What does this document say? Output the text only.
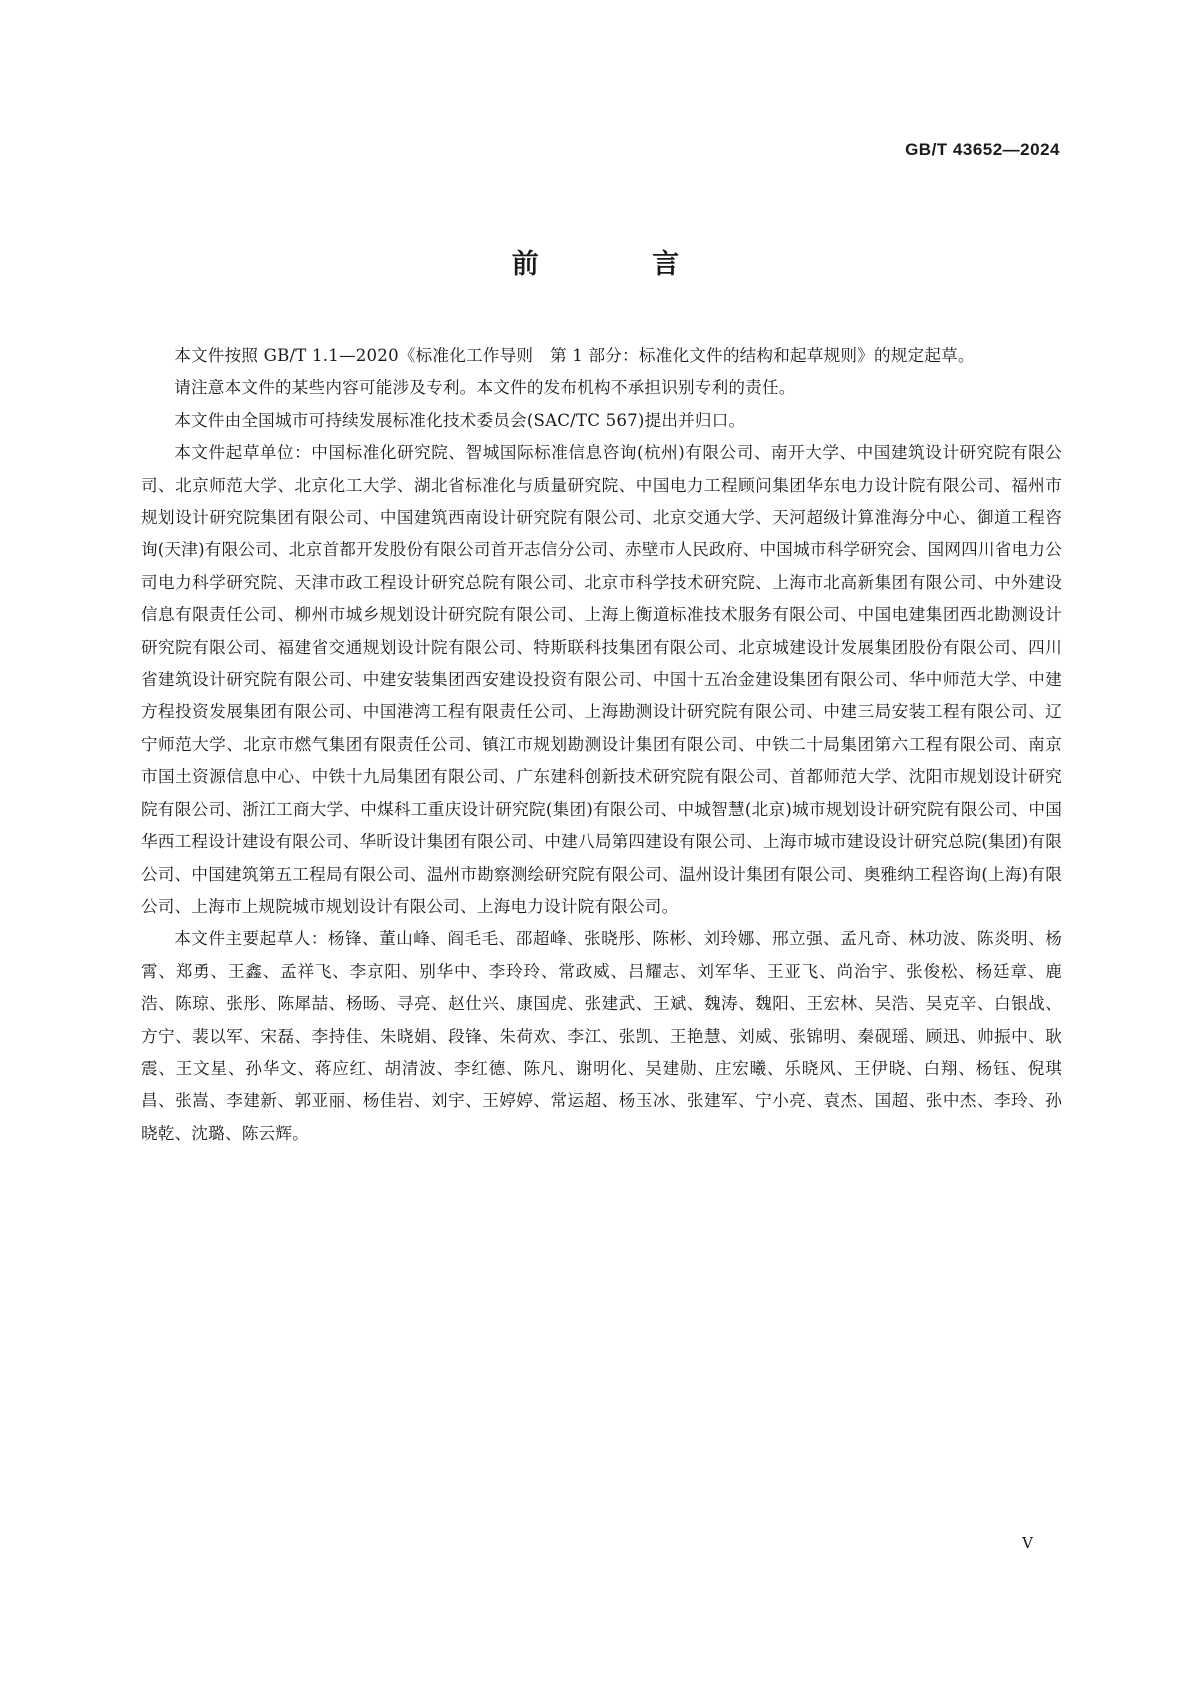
GB/T 43652—2024

前 言

本文件按照 GB/T 1.1—2020《标准化工作导则　第 1 部分：标准化文件的结构和起草规则》的规定起草。

请注意本文件的某些内容可能涉及专利。本文件的发布机构不承担识别专利的责任。

本文件由全国城市可持续发展标准化技术委员会(SAC/TC 567)提出并归口。

本文件起草单位：中国标准化研究院、智城国际标准信息咨询(杭州)有限公司、南开大学、中国建筑设计研究院有限公司、北京师范大学、北京化工大学、湖北省标准化与质量研究院、中国电力工程顾问集团华东电力设计院有限公司、福州市规划设计研究院集团有限公司、中国建筑西南设计研究院有限公司、北京交通大学、天河超级计算淮海分中心、御道工程咨询(天津)有限公司、北京首都开发股份有限公司首开志信分公司、赤壁市人民政府、中国城市科学研究会、国网四川省电力公司电力科学研究院、天津市政工程设计研究总院有限公司、北京市科学技术研究院、上海市北高新集团有限公司、中外建设信息有限责任公司、柳州市城乡规划设计研究院有限公司、上海上衡道标准技术服务有限公司、中国电建集团西北勘测设计研究院有限公司、福建省交通规划设计院有限公司、特斯联科技集团有限公司、北京城建设计发展集团股份有限公司、四川省建筑设计研究院有限公司、中建安装集团西安建设投资有限公司、中国十五冶金建设集团有限公司、华中师范大学、中建方程投资发展集团有限公司、中国港湾工程有限责任公司、上海勘测设计研究院有限公司、中建三局安装工程有限公司、辽宁师范大学、北京市燃气集团有限责任公司、镇江市规划勘测设计集团有限公司、中铁二十局集团第六工程有限公司、南京市国土资源信息中心、中铁十九局集团有限公司、广东建科创新技术研究院有限公司、首都师范大学、沈阳市规划设计研究院有限公司、浙江工商大学、中煤科工重庆设计研究院(集团)有限公司、中城智慧(北京)城市规划设计研究院有限公司、中国华西工程设计建设有限公司、华昕设计集团有限公司、中建八局第四建设有限公司、上海市城市建设设计研究总院(集团)有限公司、中国建筑第五工程局有限公司、温州市勘察测绘研究院有限公司、温州设计集团有限公司、奥雅纳工程咨询(上海)有限公司、上海市上规院城市规划设计有限公司、上海电力设计院有限公司。

本文件主要起草人：杨锋、董山峰、阎毛毛、邵超峰、张晓彤、陈彬、刘玲娜、邢立强、孟凡奇、林功波、陈炎明、杨霄、郑勇、王鑫、孟祥飞、李京阳、别华中、李玲玲、常政威、吕耀志、刘军华、王亚飞、尚治宇、张俊松、杨廷章、鹿浩、陈琼、张彤、陈犀喆、杨旸、寻亮、赵仕兴、康国虎、张建武、王斌、魏涛、魏阳、王宏林、吴浩、吴克辛、白银战、方宁、裴以军、宋磊、李持佳、朱晓娟、段锋、朱荷欢、李江、张凯、王艳慧、刘威、张锦明、秦砚瑶、顾迅、帅振中、耿震、王文星、孙华文、蒋应红、胡清波、李红德、陈凡、谢明化、吴建勋、庄宏曦、乐晓风、王伊晓、白翔、杨钰、倪琪昌、张嵩、李建新、郭亚丽、杨佳岩、刘宇、王婷婷、常运超、杨玉冰、张建军、宁小亮、袁杰、国超、张中杰、李玲、孙晓乾、沈璐、陈云辉。

V
